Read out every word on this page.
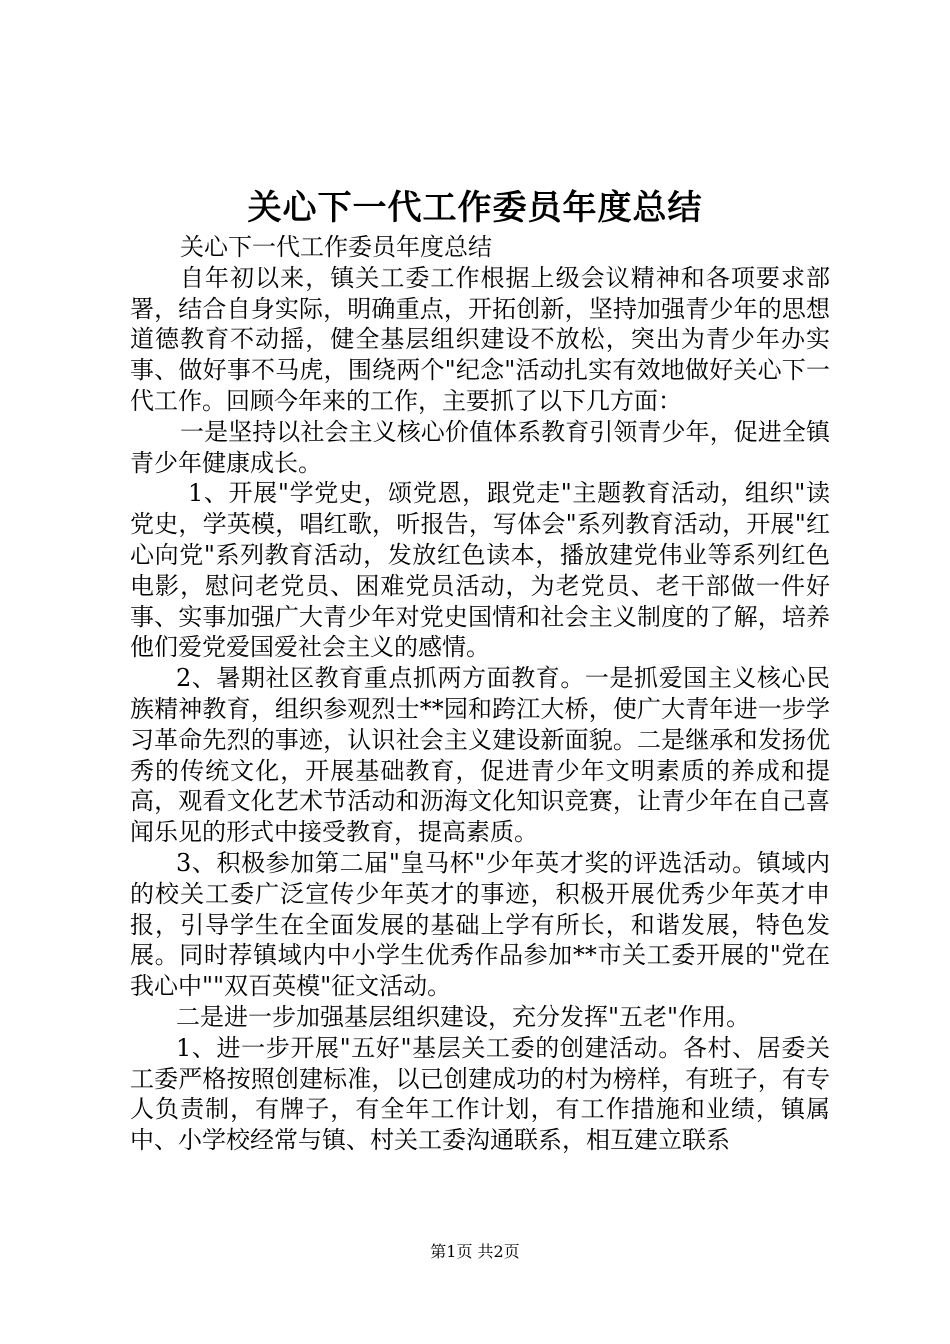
关心下一代工作委员年度总结

关心下一代工作委员年度总结

自年初以来，镇关工委工作根据上级会议精神和各项要求部署，结合自身实际，明确重点，开拓创新，坚持加强青少年的思想道德教育不动摇，健全基层组织建设不放松，突出为青少年办实事、做好事不马虎，围绕两个"纪念"活动扎实有效地做好关心下一代工作。回顾今年来的工作，主要抓了以下几方面：

一是坚持以社会主义核心价值体系教育引领青少年，促进全镇青少年健康成长。

1、开展"学党史，颂党恩，跟党走"主题教育活动，组织"读党史，学英模，唱红歌，听报告，写体会"系列教育活动，开展"红心向党"系列教育活动，发放红色读本，播放建党伟业等系列红色电影，慰问老党员、困难党员活动，为老党员、老干部做一件好事、实事加强广大青少年对党史国情和社会主义制度的了解，培养他们爱党爱国爱社会主义的感情。

2、暑期社区教育重点抓两方面教育。一是抓爱国主义核心民族精神教育，组织参观烈士**园和跨江大桥，使广大青年进一步学习革命先烈的事迹，认识社会主义建设新面貌。二是继承和发扬优秀的传统文化，开展基础教育，促进青少年文明素质的养成和提高，观看文化艺术节活动和沥海文化知识竞赛，让青少年在自己喜闻乐见的形式中接受教育，提高素质。

3、积极参加第二届"皇马杯"少年英才奖的评选活动。镇域内的校关工委广泛宣传少年英才的事迹，积极开展优秀少年英才申报，引导学生在全面发展的基础上学有所长，和谐发展，特色发展。同时荐镇域内中小学生优秀作品参加**市关工委开展的"党在我心中""双百英模"征文活动。

二是进一步加强基层组织建设，充分发挥"五老"作用。

1、进一步开展"五好"基层关工委的创建活动。各村、居委关工委严格按照创建标准，以已创建成功的村为榜样，有班子，有专人负责制，有牌子，有全年工作计划，有工作措施和业绩，镇属中、小学校经常与镇、村关工委沟通联系，相互建立联系

第1页 共2页
